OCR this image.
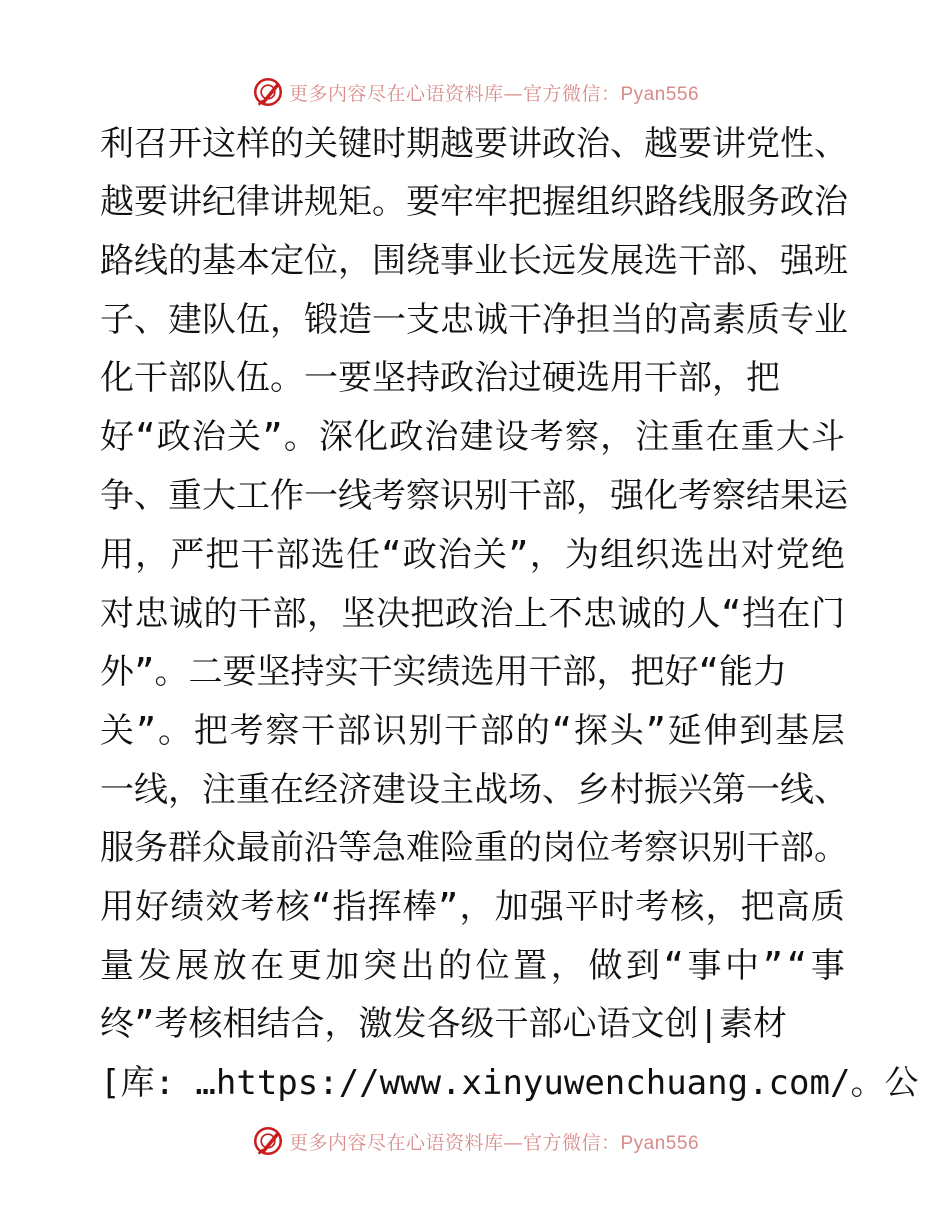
更多内容尽在心语资料库—官方微信：Pyan556
利 召 开 这 样 的 关 键 时 期 越 要 讲 政 治 、 越 要 讲 党 性 、
越 要 讲 纪 律 讲 规 矩 。 要 牢 牢 把 握 组 织 路 线 服 务 政 治
路 线 的 基 本 定 位 ， 围 绕 事 业 长 远 发 展 选 干 部 、 强 班
子 、 建 队 伍 ， 锻 造 一 支 忠 诚 干 净 担 当 的 高 素 质 专 业
化干部队伍。一要坚持政治过硬选用干部，把
好 “ 政 治 关 ” 。 深 化 政 治 建 设 考 察 ， 注 重 在 重 大 斗
争 、 重 大 工 作 一 线 考 察 识 别 干 部 ， 强 化 考 察 结 果 运
用 ， 严 把 干 部 选 任 “ 政 治 关 ” ， 为 组 织 选 出 对 党 绝
对 忠 诚 的 干 部 ， 坚 决 把 政 治 上 不 忠 诚 的 人 “ 挡 在 门
外”。二要坚持实干实绩选用干部，把好“能力
关 ” 。 把 考 察 干 部 识 别 干 部 的 “ 探 头 ” 延 伸 到 基 层
一 线 ， 注 重 在 经 济 建 设 主 战 场 、 乡 村 振 兴 第 一 线 、
服 务 群 众 最 前 沿 等 急 难 险 重 的 岗 位 考 察 识 别 干 部 。
用 好 绩 效 考 核 “ 指 挥 棒 ” ， 加 强 平 时 考 核 ， 把 高 质
量 发 展 放 在 更 加 突 出 的 位 置 ， 做 到 “ 事 中 ” “ 事
终”考核相结合，激发各级干部心语文创|素材
[库: …https://www.xinyuwenchuang.com/。公
更多内容尽在心语资料库—官方微信：Pyan556
